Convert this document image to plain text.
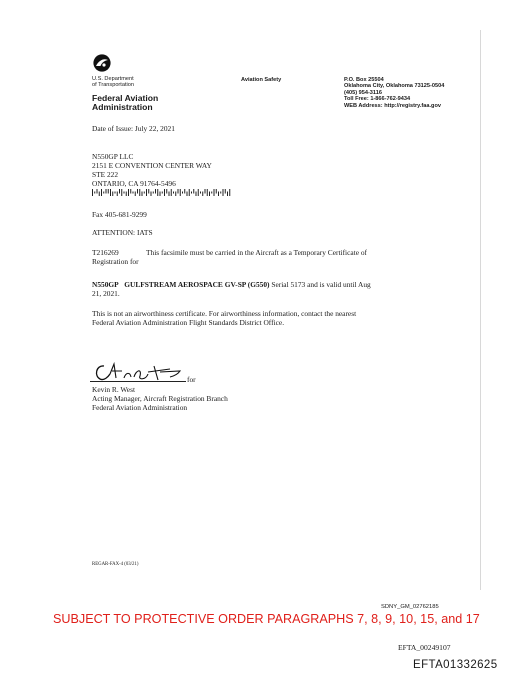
U.S. Department
of Transportation
Federal Aviation
Administration
Aviation Safety	P.O. Box 25504
Oklahoma City, Oklahoma 73125-0504
(405) 954-3116
Toll Free: 1-866-762-9434
WEB Address: http://registry.faa.gov
Date of Issue: July 22, 2021
N550GP LLC
2151 E CONVENTION CENTER WAY
STE 222
ONTARIO, CA 91764-5496
Fax 405-681-9299
ATTENTION: IATS
T216269	This facsimile must be carried in the Aircraft as a Temporary Certificate of
Registration for
N550GP GULFSTREAM AEROSPACE GV-SP (G550) Serial 5173 and is valid until Aug
21, 2021.
This is not an airworthiness certificate. For airworthiness information, contact the nearest
Federal Aviation Administration Flight Standards District Office.
for
Kevin R. West
Acting Manager, Aircraft Registration Branch
Federal Aviation Administration
REGAR-FAX-4 (03/21)
SDNY_GM_02762185
SUBJECT TO PROTECTIVE ORDER PARAGRAPHS 7, 8, 9, 10, 15, and 17
EFTA_00249107
EFTA01332625
